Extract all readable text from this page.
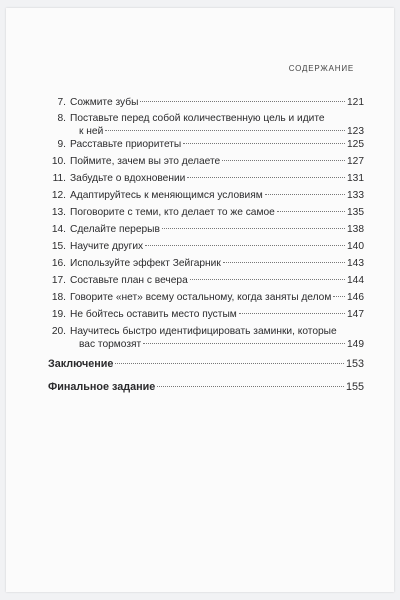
СОДЕРЖАНИЕ
7. Сожмите зубы	121
8. Поставьте перед собой количественную цель и идите
к ней	123
9. Расставьте приоритеты	125
10. Поймите, зачем вы это делаете	127
11. Забудьте о вдохновении	131
12. Адаптируйтесь к меняющимся условиям	133
13. Поговорите с теми, кто делает то же самое	135
14. Сделайте перерыв	138
15. Научите других	140
16. Используйте эффект Зейгарник	143
17. Составьте план с вечера	144
18. Говорите «нет» всему остальному, когда заняты делом 146
19. Не бойтесь оставить место пустым	147
20. Научитесь быстро идентифицировать заминки, которые
вас тормозят	149
Заключение	153
Финальное задание	155
